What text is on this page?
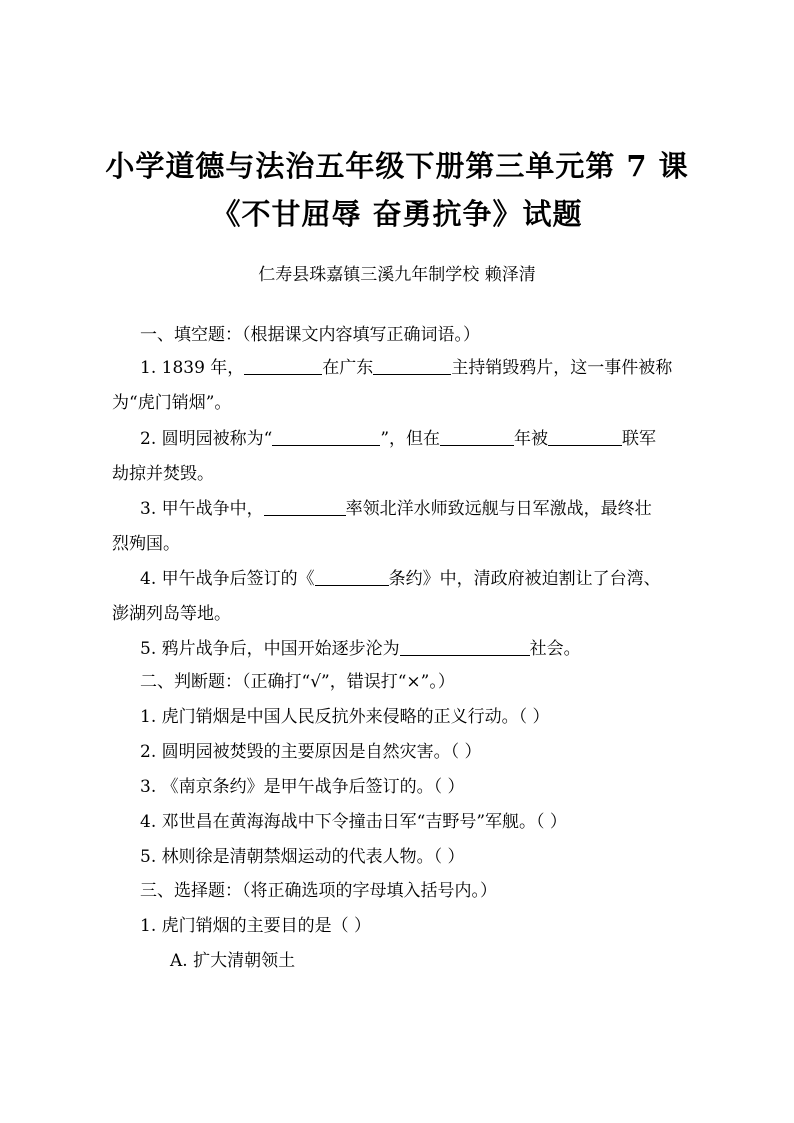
小学道德与法治五年级下册第三单元第 7 课
《不甘屈辱 奋勇抗争》试题
仁寿县珠嘉镇三溪九年制学校 赖泽清
一、填空题：（根据课文内容填写正确词语。）
1. 1839 年，	在广东	主持销毁鸦片，这一事件被称
为“虎门销烟”。
2. 圆明园被称为“	”，但在	年被	联军
劫掠并焚毁。
3. 甲午战争中，	率领北洋水师致远舰与日军激战，最终壮
烈殉国。
4. 甲午战争后签订的《	条约》中，清政府被迫割让了台湾、
澎湖列岛等地。
5. 鸦片战争后，中国开始逐步沦为	社会。
二、判断题：（正确打“√”，错误打“×”。）
1. 虎门销烟是中国人民反抗外来侵略的正义行动。（ ）
2. 圆明园被焚毁的主要原因是自然灾害。（ ）
3. 《南京条约》是甲午战争后签订的。（ ）
4. 邓世昌在黄海海战中下令撞击日军“吉野号”军舰。（ ）
5. 林则徐是清朝禁烟运动的代表人物。（ ）
三、选择题：（将正确选项的字母填入括号内。）
1. 虎门销烟的主要目的是（ ）
A. 扩大清朝领土
